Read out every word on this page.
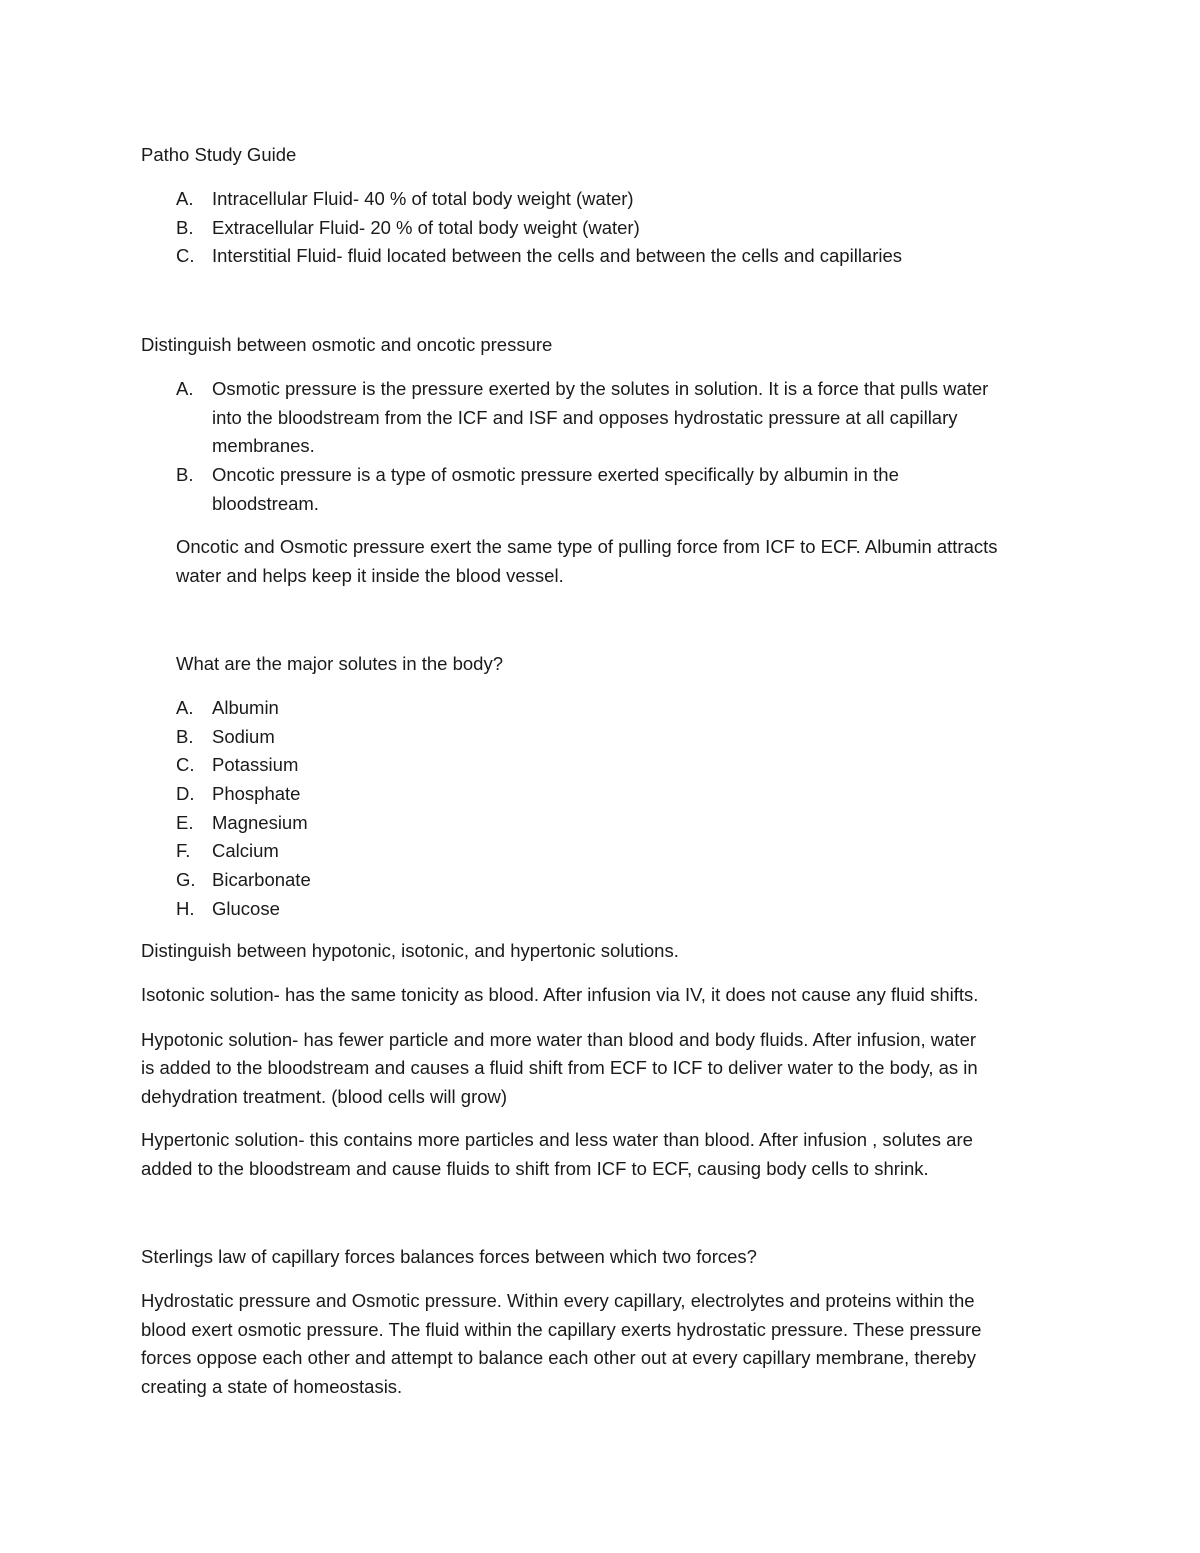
Patho Study Guide

A. Intracellular Fluid- 40 % of total body weight (water)
B. Extracellular Fluid- 20 % of total body weight (water)
C. Interstitial Fluid- fluid located between the cells and between the cells and capillaries

Distinguish between osmotic and oncotic pressure

A. Osmotic pressure is the pressure exerted by the solutes in solution. It is a force that pulls water
into the bloodstream from the ICF and ISF and opposes hydrostatic pressure at all capillary
membranes.
B. Oncotic pressure is a type of osmotic pressure exerted specifically by albumin in the
bloodstream.

Oncotic and Osmotic pressure exert the same type of pulling force from ICF to ECF. Albumin attracts

water and helps keep it inside the blood vessel.

What are the major solutes in the body?

A. Albumin
B. Sodium
C. Potassium
D. Phosphate
E. Magnesium
F. Calcium
G. Bicarbonate
H. Glucose

Distinguish between hypotonic, isotonic, and hypertonic solutions.

Isotonic solution- has the same tonicity as blood. After infusion via IV, it does not cause any fluid shifts.

Hypotonic solution- has fewer particle and more water than blood and body fluids. After infusion, water

is added to the bloodstream and causes a fluid shift from ECF to ICF to deliver water to the body, as in

dehydration treatment. (blood cells will grow)

Hypertonic solution- this contains more particles and less water than blood. After infusion , solutes are

added to the bloodstream and cause fluids to shift from ICF to ECF, causing body cells to shrink.

Sterlings law of capillary forces balances forces between which two forces?

Hydrostatic pressure and Osmotic pressure. Within every capillary, electrolytes and proteins within the

blood exert osmotic pressure. The fluid within the capillary exerts hydrostatic pressure. These pressure

forces oppose each other and attempt to balance each other out at every capillary membrane, thereby

creating a state of homeostasis.
